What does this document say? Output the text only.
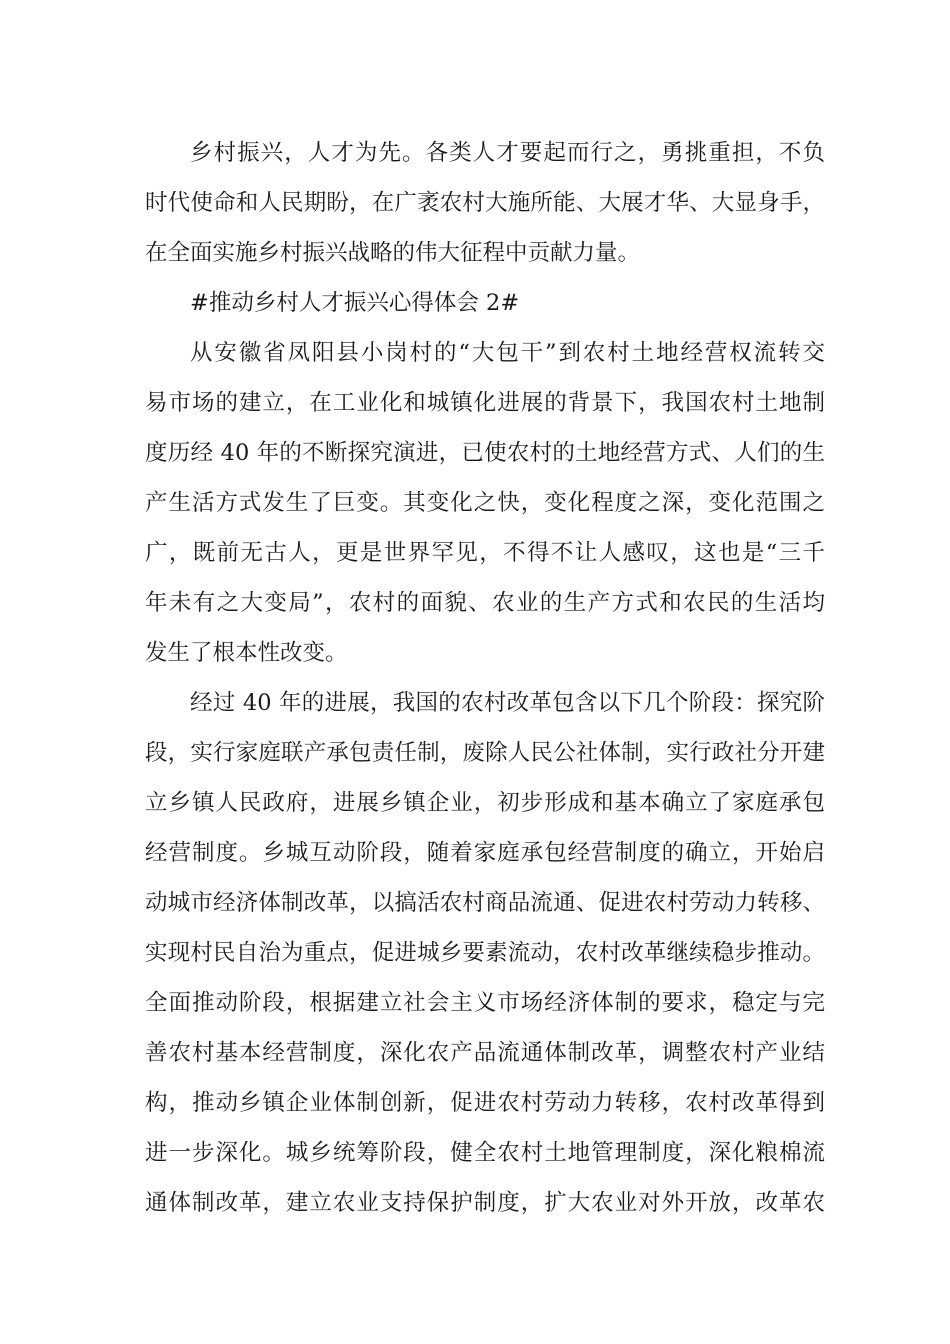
乡村振兴，人才为先。各类人才要起而行之，勇挑重担，不负
时代使命和人民期盼，在广袤农村大施所能、大展才华、大显身手，
在全面实施乡村振兴战略的伟大征程中贡献力量。
#推动乡村人才振兴心得体会 2#
从安徽省凤阳县小岗村的“大包干”到农村土地经营权流转交
易市场的建立，在工业化和城镇化进展的背景下，我国农村土地制
度历经 40 年的不断探究演进，已使农村的土地经营方式、人们的生
产生活方式发生了巨变。其变化之快，变化程度之深，变化范围之
广，既前无古人，更是世界罕见，不得不让人感叹，这也是“三千
年未有之大变局”，农村的面貌、农业的生产方式和农民的生活均
发生了根本性改变。
经过 40 年的进展，我国的农村改革包含以下几个阶段：探究阶
段，实行家庭联产承包责任制，废除人民公社体制，实行政社分开建
立乡镇人民政府，进展乡镇企业，初步形成和基本确立了家庭承包
经营制度。乡城互动阶段，随着家庭承包经营制度的确立，开始启
动城市经济体制改革，以搞活农村商品流通、促进农村劳动力转移、
实现村民自治为重点，促进城乡要素流动，农村改革继续稳步推动。
全面推动阶段，根据建立社会主义市场经济体制的要求，稳定与完
善农村基本经营制度，深化农产品流通体制改革，调整农村产业结
构，推动乡镇企业体制创新，促进农村劳动力转移，农村改革得到
进一步深化。城乡统筹阶段，健全农村土地管理制度，深化粮棉流
通体制改革，建立农业支持保护制度，扩大农业对外开放，改革农
